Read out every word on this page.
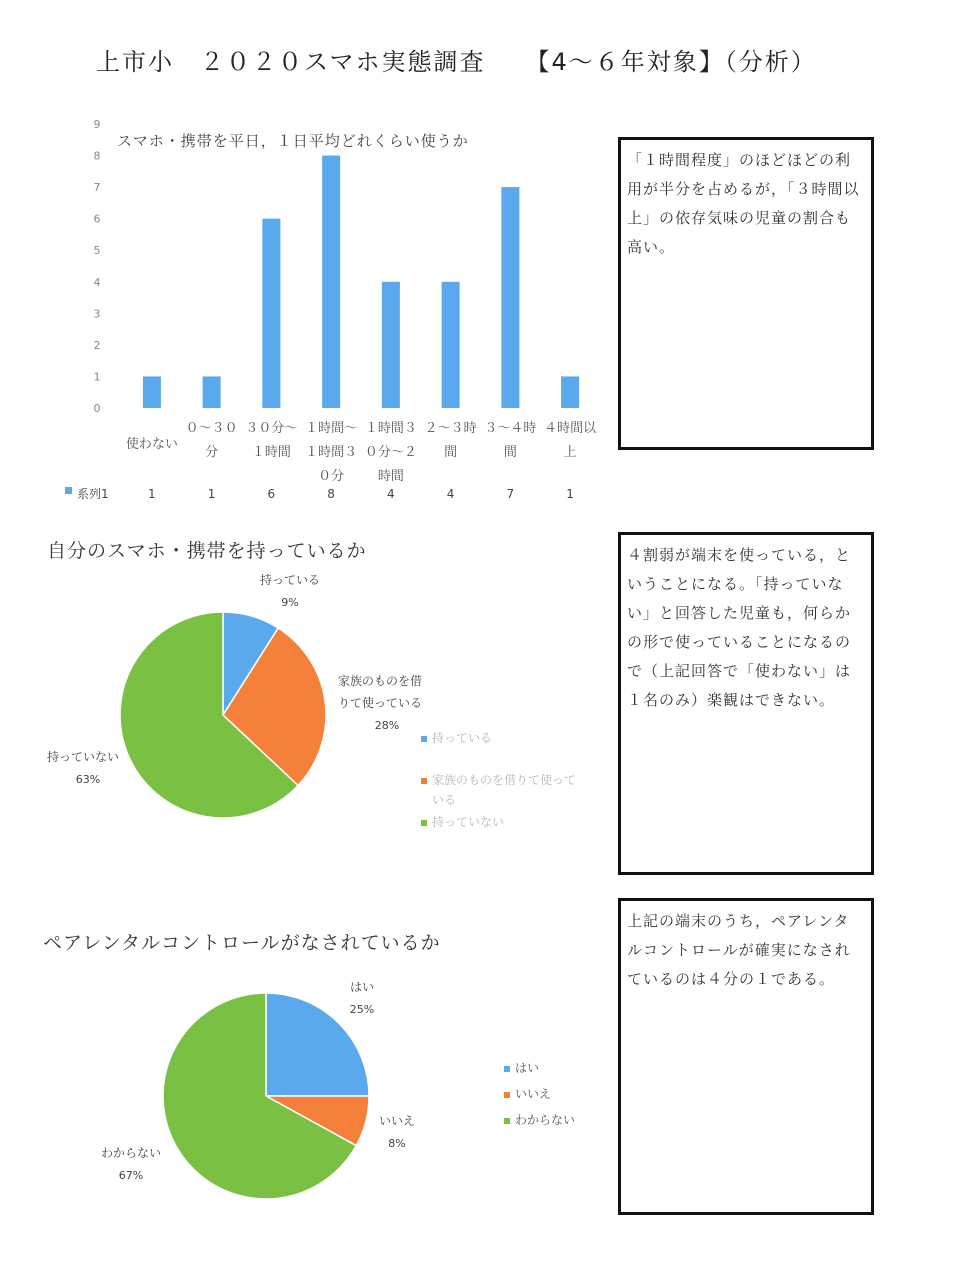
上市小　２０２０スマホ実態調査　　【4～６年対象】（分析）
0
1
2
3
4
5
6
7
8
9
スマホ・携帯を平日，１日平均どれくらい使うか
使わない
1
０～３０
分
1
３０分～
１時間
6
１時間～
１時間３
０分
8
１時間３
０分～２
時間
4
２～３時
間
4
３～４時
間
7
４時間以
上
1
系列1
「１時間程度」のほどほどの利用が半分を占めるが，「３時間以上」の依存気味の児童の割合も高い。
自分のスマホ・携帯を持っているか
持っている
9%
家族のものを借
りて使っている
28%
持っていない
63%
持っている
家族のものを借りて使って
いる
持っていない
４割弱が端末を使っている，ということになる。「持っていない」と回答した児童も，何らかの形で使っていることになるので（上記回答で「使わない」は１名のみ）楽観はできない。
ペアレンタルコントロールがなされているか
はい
25%
いいえ
8%
わからない
67%
はい
いいえ
わからない
上記の端末のうち，ペアレンタルコントロールが確実になされているのは４分の１である。
